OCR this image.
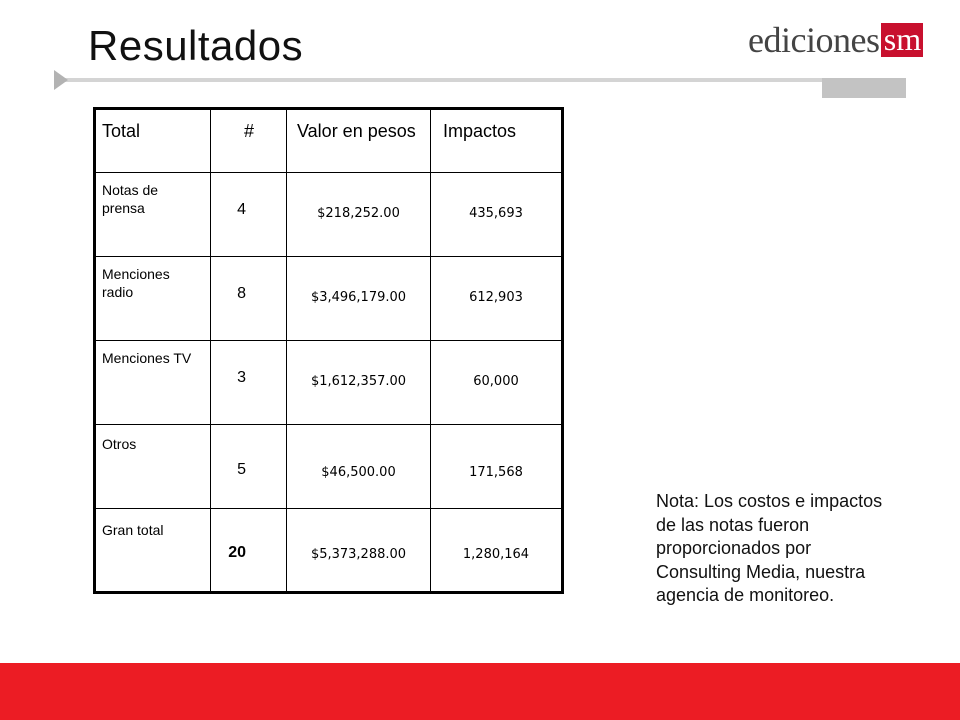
Resultados	ediciones sm
Total	#	Valor en pesos	Impactos
Notas de prensa	4	$218,252.00	435,693
Menciones radio	8	$3,496,179.00	612,903
Menciones TV	3	$1,612,357.00	60,000
Otros	5	$46,500.00	171,568
Gran total	20	$5,373,288.00	1,280,164
Nota: Los costos e impactos de las notas fueron proporcionados por Consulting Media, nuestra agencia de monitoreo.
